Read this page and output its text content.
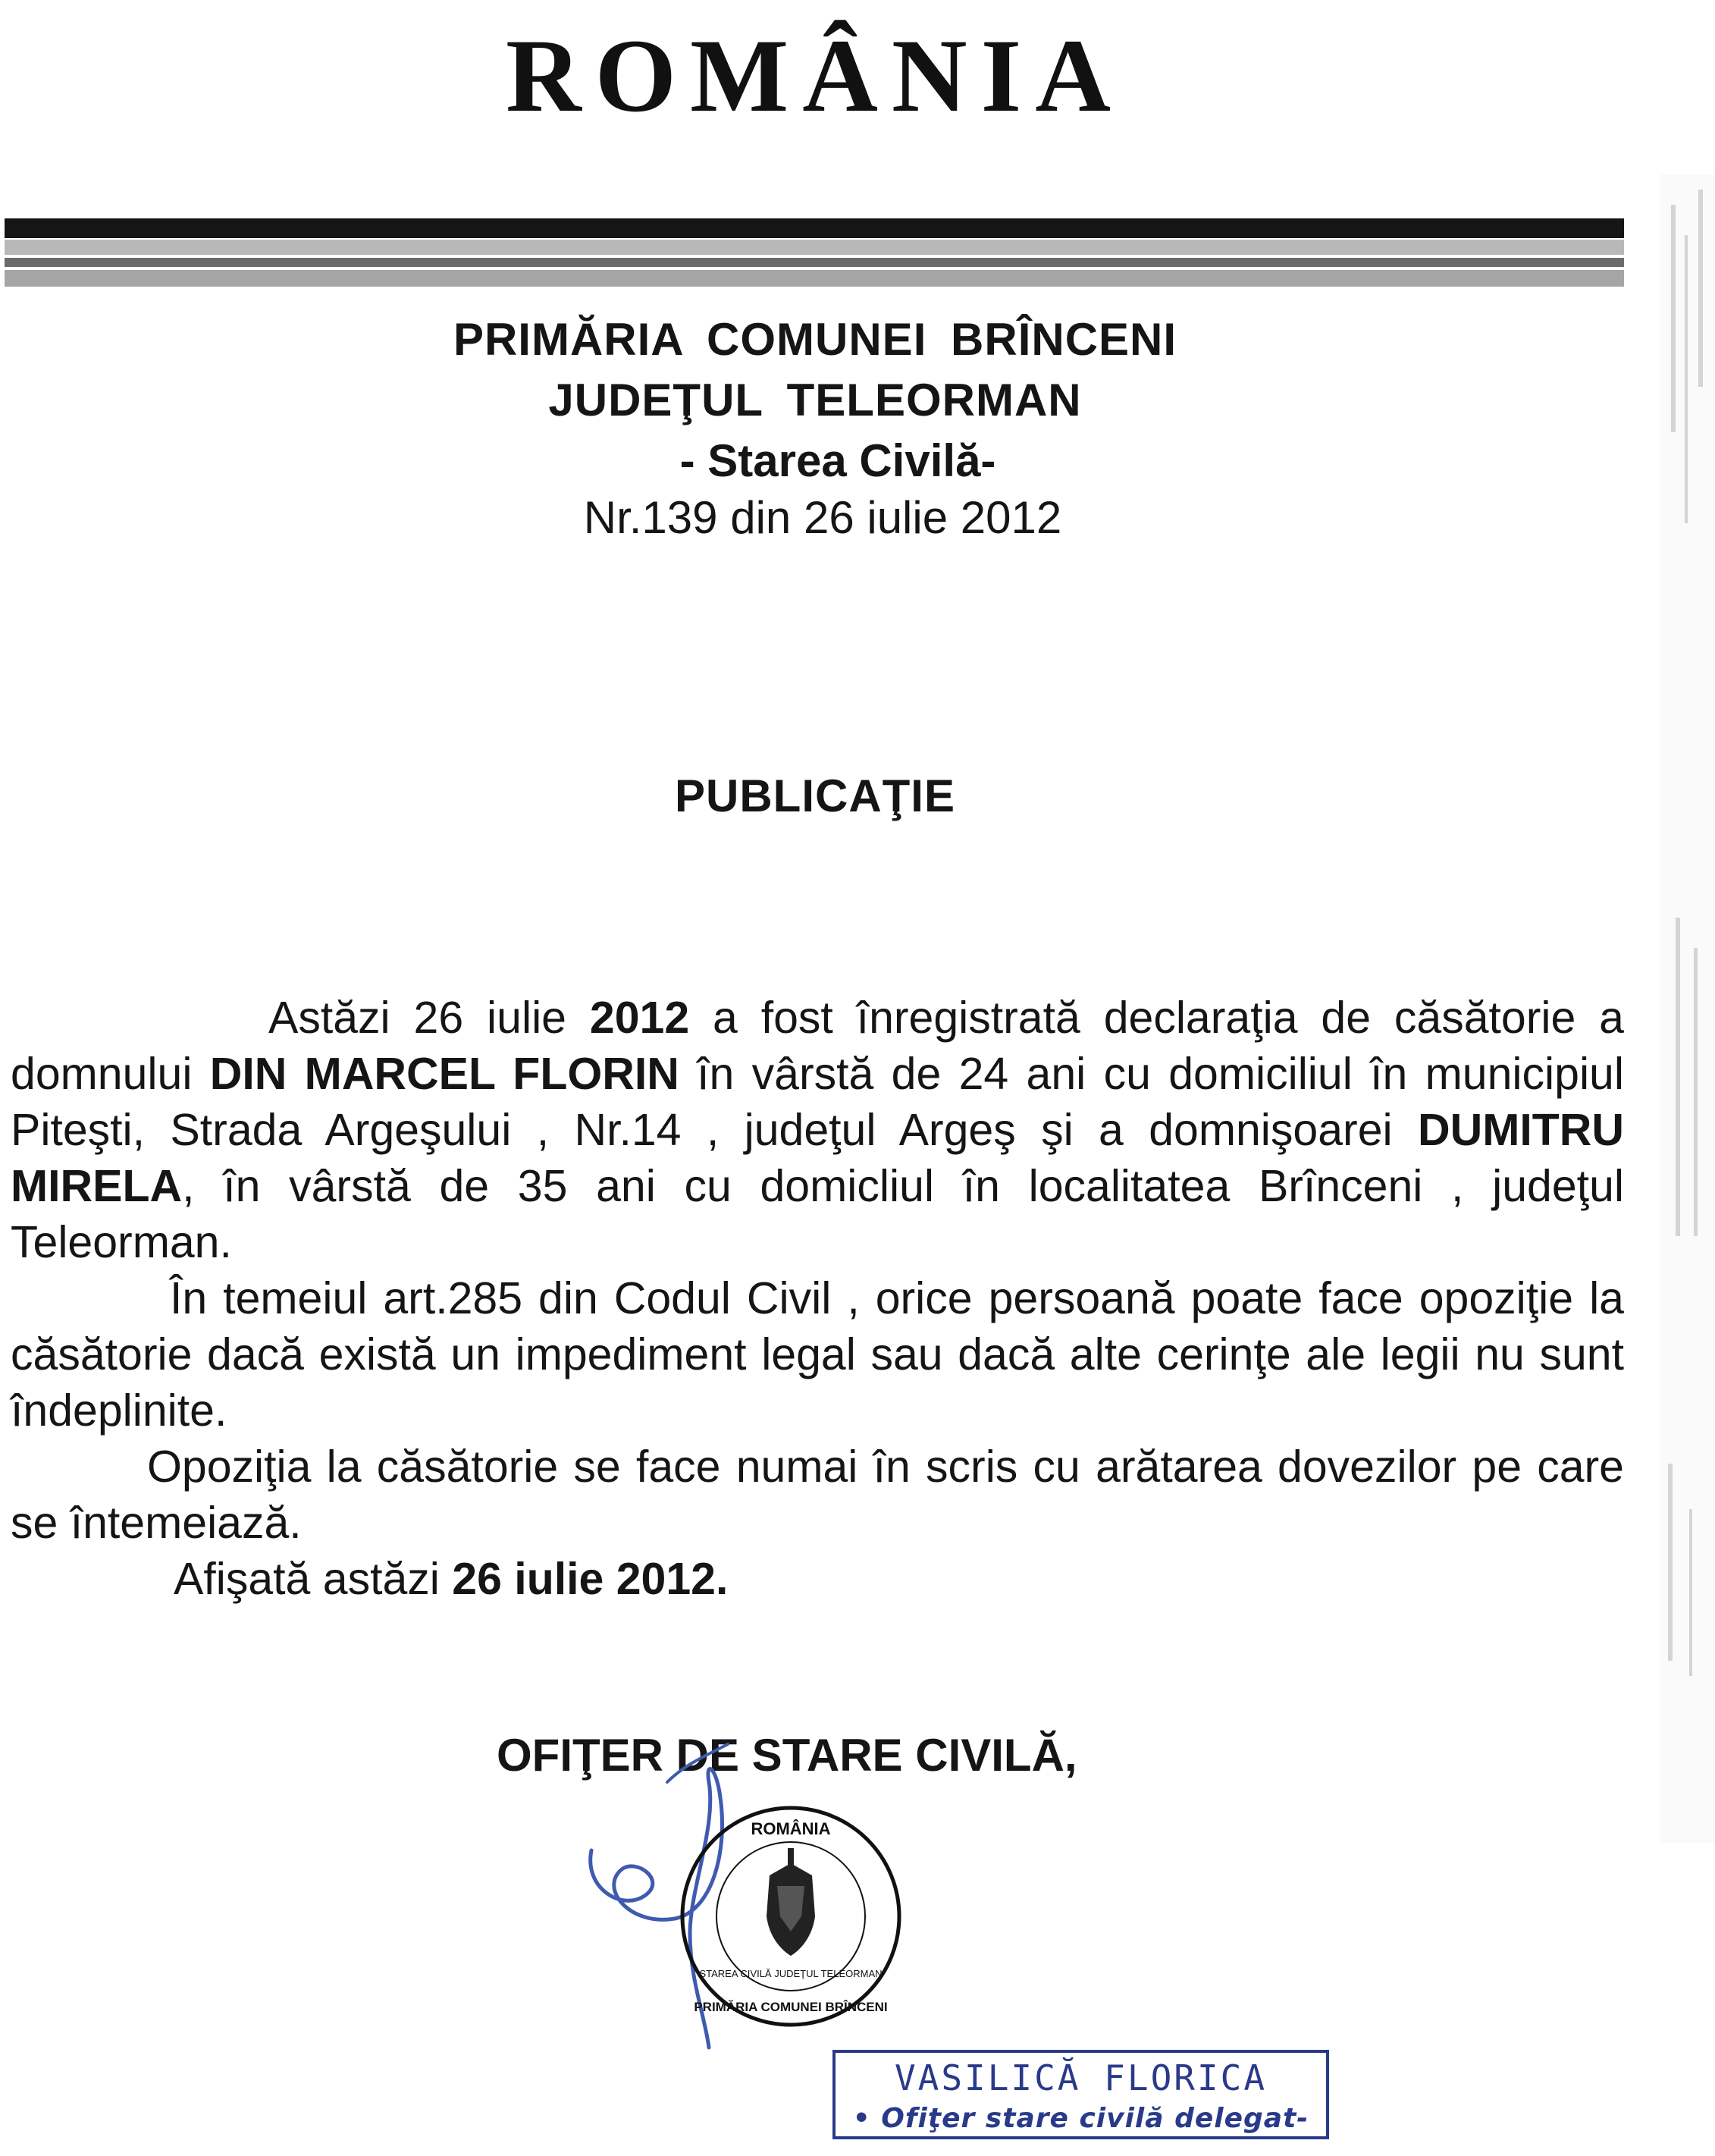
ROMÂNIA
PRIMĂRIA COMUNEI BRÎNCENI
JUDEŢUL TELEORMAN
- Starea Civilă-
Nr.139 din 26 iulie 2012
PUBLICAŢIE

Astăzi 26 iulie 2012 a fost înregistrată declaraţia de căsătorie a domnului DIN MARCEL FLORIN în vârstă de 24 ani cu domiciliul în municipiul Piteşti, Strada Argeşului , Nr.14 , judeţul Argeş şi a domnişoarei DUMITRU MIRELA, în vârstă de 35 ani cu domicliul în localitatea Brînceni , judeţul Teleorman.

În temeiul art.285 din Codul Civil , orice persoană poate face opoziţie la căsătorie dacă există un impediment legal sau dacă alte cerinţe ale legii nu sunt îndeplinite.

Opoziţia la căsătorie se face numai în scris cu arătarea dovezilor pe care se întemeiază.

Afişată astăzi 26 iulie 2012.

OFIŢER DE STARE CIVILĂ,
ROMÂNIA
PRIMĂRIA COMUNEI BRÎNCENI
STAREA CIVILĂ JUDEŢUL TELEORMAN
VASILICĂ FLORICA
• Ofiţer stare civilă delegat-
